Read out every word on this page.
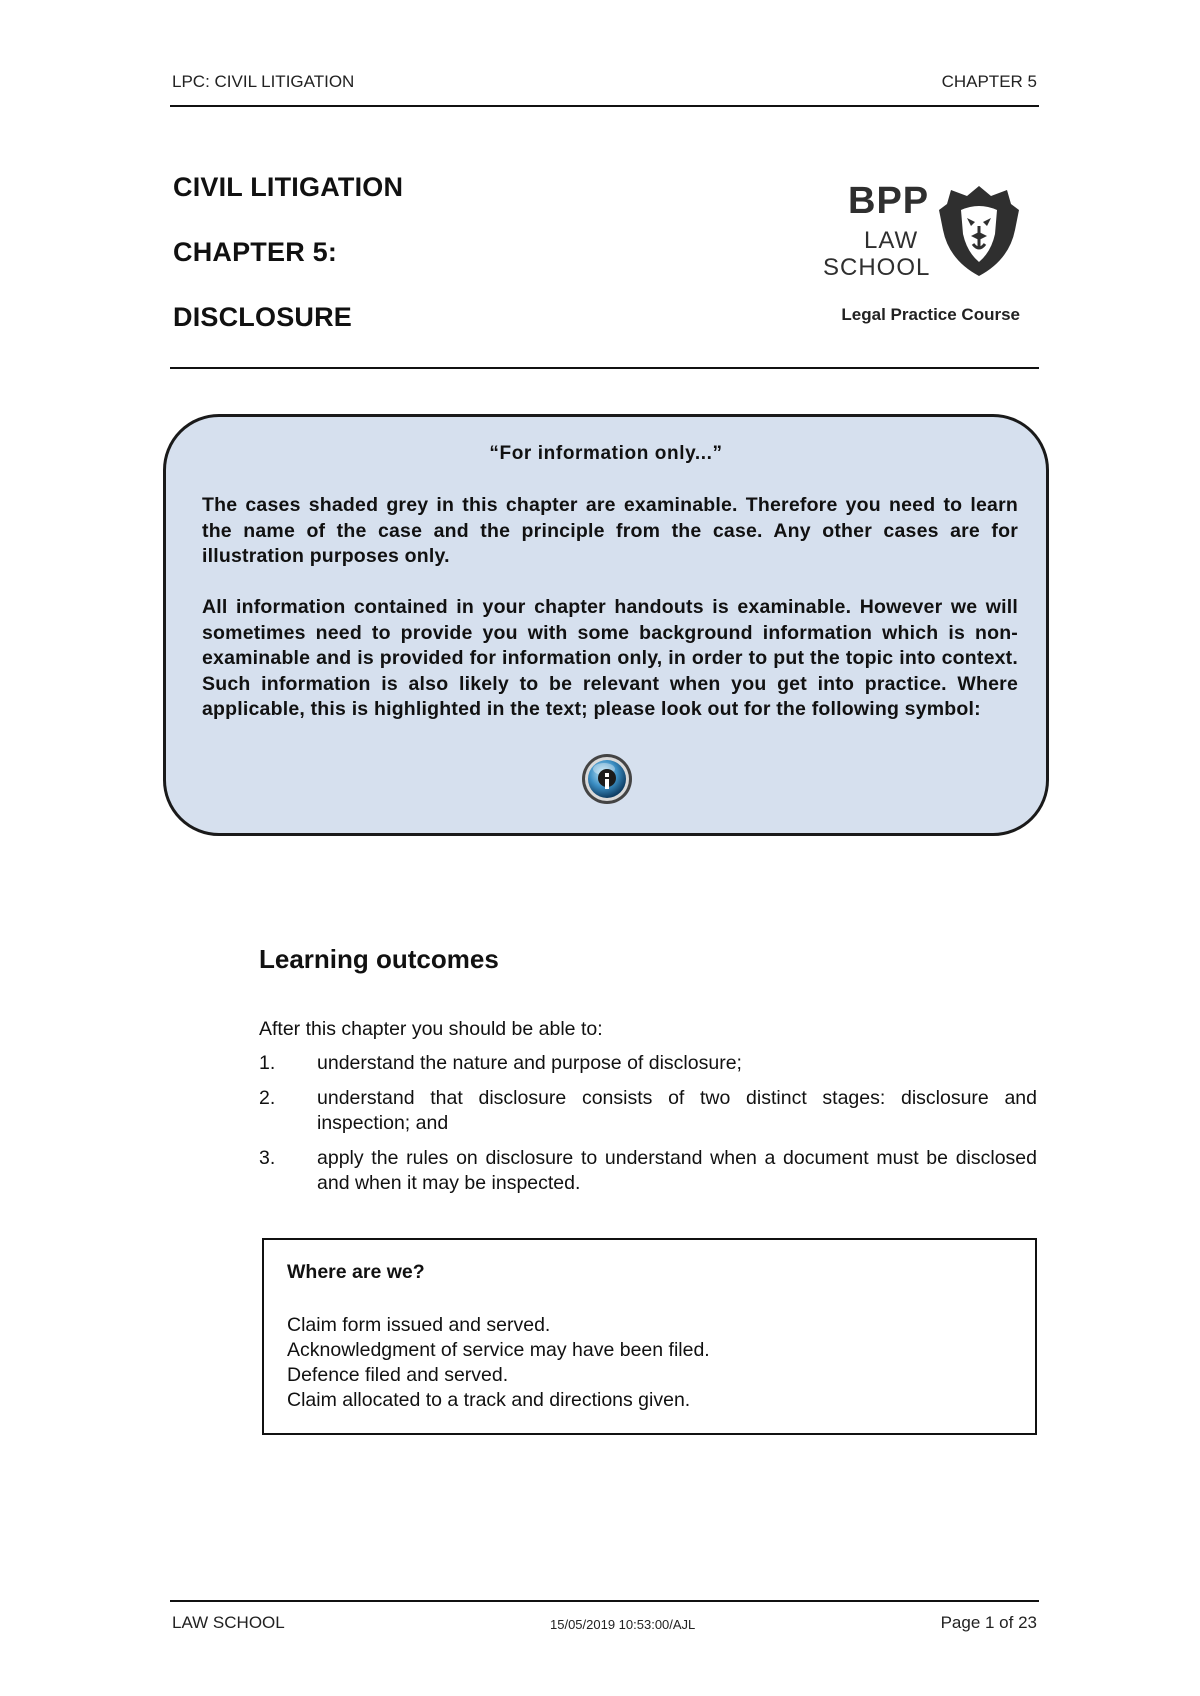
LPC: CIVIL LITIGATION	CHAPTER 5
CIVIL LITIGATION
CHAPTER 5:
DISCLOSURE
BPP
LAW
SCHOOL
Legal Practice Course
“For information only...”
The cases shaded grey in this chapter are examinable. Therefore you need to learn the name of the case and the principle from the case. Any other cases are for illustration purposes only.
All information contained in your chapter handouts is examinable. However we will sometimes need to provide you with some background information which is non-examinable and is provided for information only, in order to put the topic into context. Such information is also likely to be relevant when you get into practice. Where applicable, this is highlighted in the text; please look out for the following symbol:
Learning outcomes
After this chapter you should be able to:
1. understand the nature and purpose of disclosure;
2. understand that disclosure consists of two distinct stages: disclosure and inspection; and
3. apply the rules on disclosure to understand when a document must be disclosed and when it may be inspected.
Where are we?
Claim form issued and served.
Acknowledgment of service may have been filed.
Defence filed and served.
Claim allocated to a track and directions given.
LAW SCHOOL	15/05/2019 10:53:00/AJL	Page 1 of 23
